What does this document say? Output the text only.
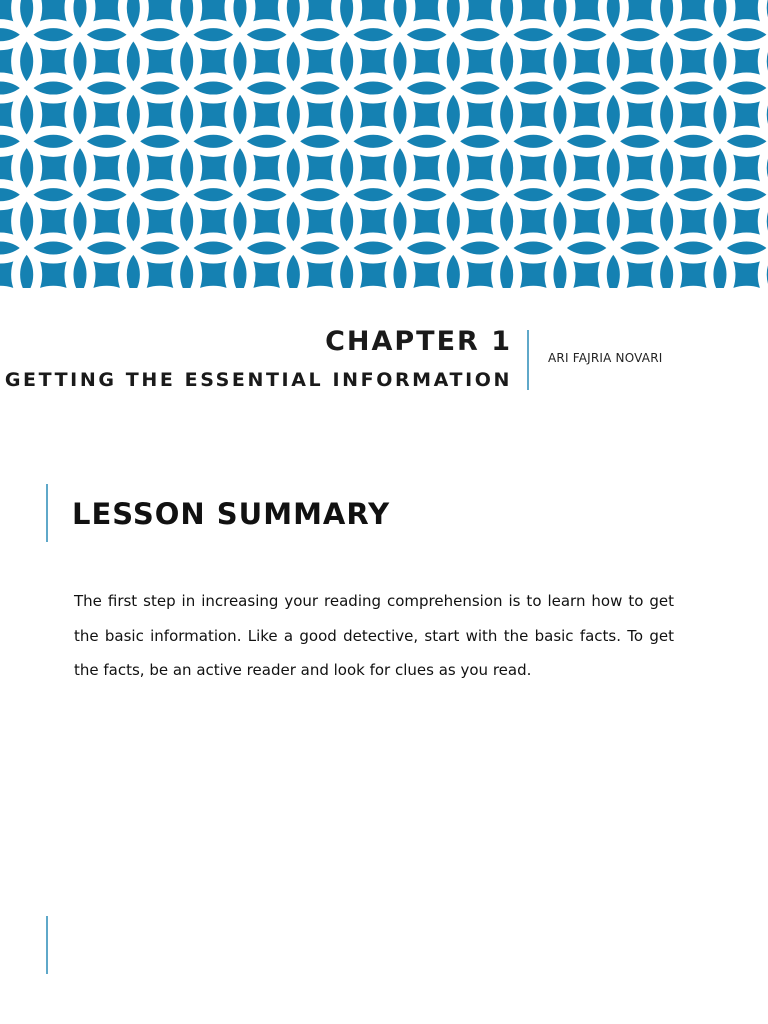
CHAPTER 1
GETTING THE ESSENTIAL INFORMATION
ARI FAJRIA NOVARI
LESSON SUMMARY

The first step in increasing your reading comprehension is to learn how to get the basic information. Like a good detective, start with the basic facts. To get the facts, be an active reader and look for clues as you read.
